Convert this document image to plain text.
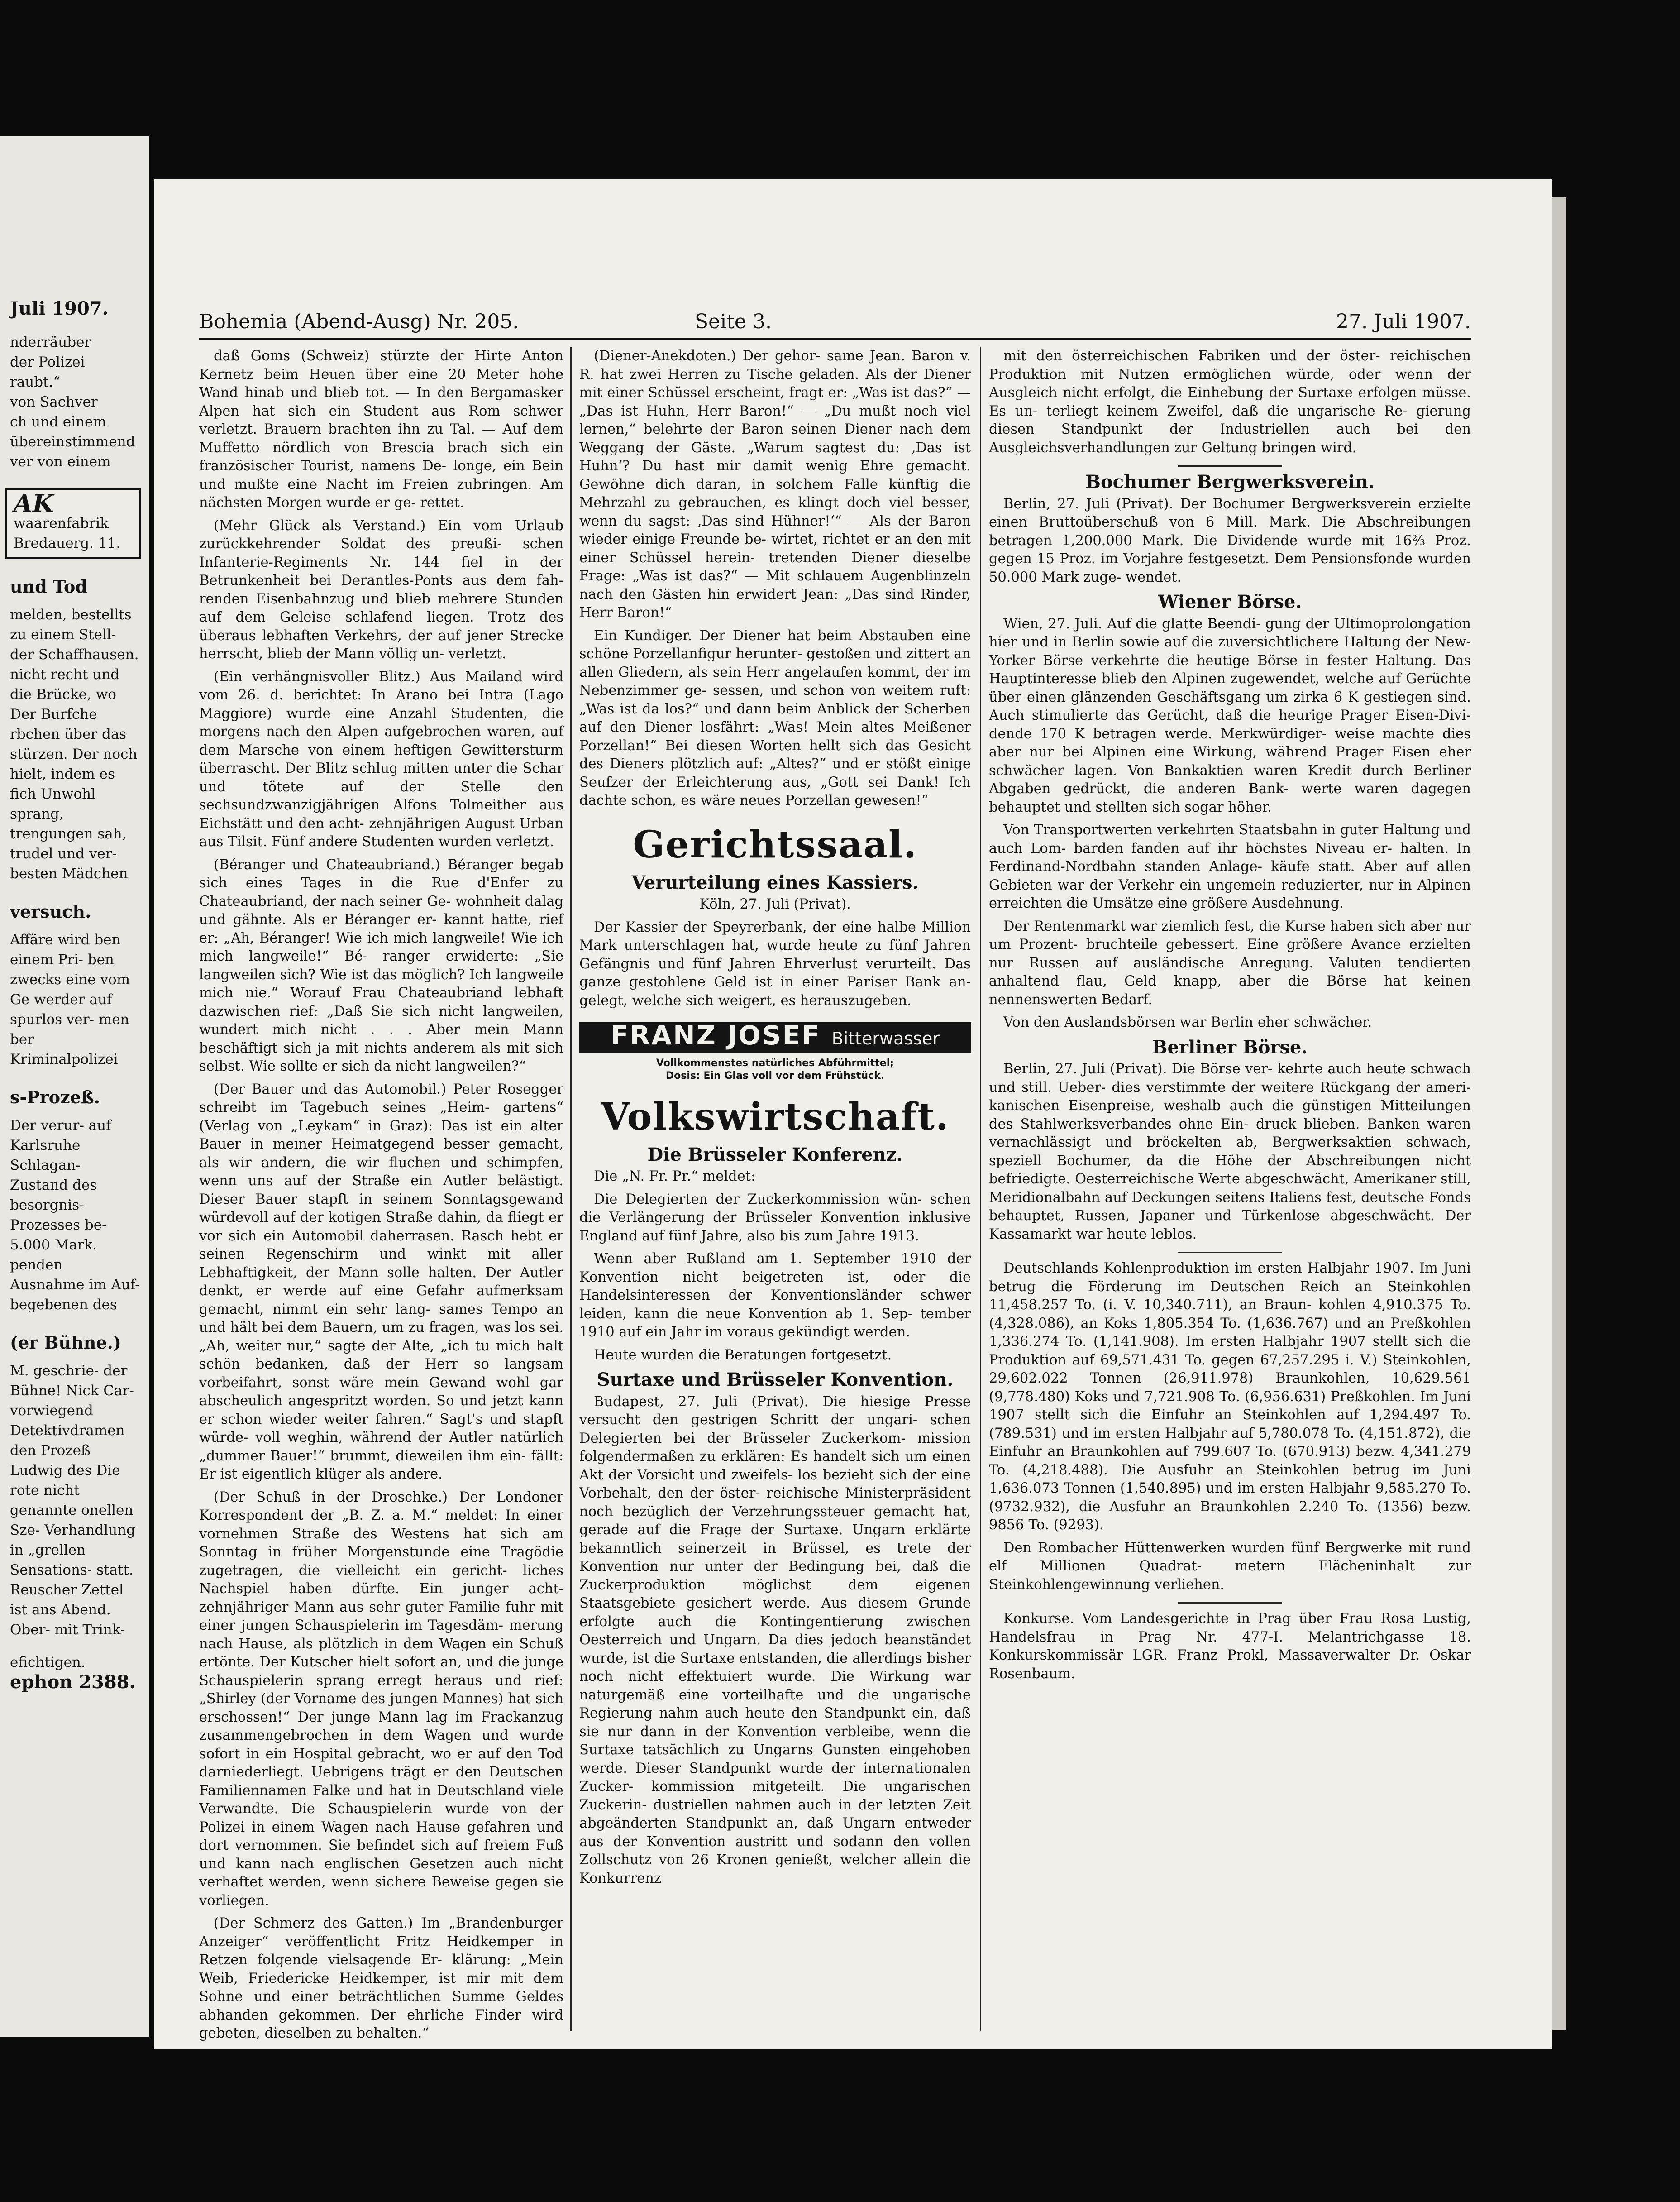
Juli 1907.
nderräuber
der Polizei
raubt.“
von Sachver
ch und einem
übereinstimmend
ver von einem
AK
waarenfabrik
Bredauerg. 11.
und Tod

melden, bestellts zu einem Stell- der Schaffhausen. nicht recht und die Brücke, wo Der Burfche rbchen über das stürzen. Der noch hielt, indem es fich Unwohl sprang, trengungen sah, trudel und ver- besten Mädchen

versuch.

Affäre wird ben einem Pri- ben zwecks eine vom Ge werder auf spurlos ver- men ber Kriminalpolizei

s-Prozeß.

Der verur- auf Karlsruhe Schlagan- Zustand des besorgnis- Prozesses be- 5.000 Mark. penden Ausnahme im Auf- begebenen des

(er Bühne.)

M. geschrie- der Bühne! Nick Car- vorwiegend Detektivdramen den Prozeß Ludwig des Die rote nicht genannte onellen Sze- Verhandlung in „grellen Sensations- statt. Reuscher Zettel ist ans Abend. Ober- mit Trink-

efichtigen.
ephon 2388.
Bohemia (Abend-Ausg) Nr. 205.	Seite 3.	27. Juli 1907.

daß Goms (Schweiz) stürzte der Hirte Anton Kernetz beim Heuen über eine 20 Meter hohe Wand hinab und blieb tot. — In den Bergamasker Alpen hat sich ein Student aus Rom schwer verletzt. Brauern brachten ihn zu Tal. — Auf dem Muffetto nördlich von Brescia brach sich ein französischer Tourist, namens De- longe, ein Bein und mußte eine Nacht im Freien zubringen. Am nächsten Morgen wurde er ge- rettet.

(Mehr Glück als Verstand.) Ein vom Urlaub zurückkehrender Soldat des preußi- schen Infanterie-Regiments Nr. 144 fiel in der Betrunkenheit bei Derantles-Ponts aus dem fah- renden Eisenbahnzug und blieb mehrere Stunden auf dem Geleise schlafend liegen. Trotz des überaus lebhaften Verkehrs, der auf jener Strecke herrscht, blieb der Mann völlig un- verletzt.

(Ein verhängnisvoller Blitz.) Aus Mailand wird vom 26. d. berichtet: In Arano bei Intra (Lago Maggiore) wurde eine Anzahl Studenten, die morgens nach den Alpen aufgebrochen waren, auf dem Marsche von einem heftigen Gewittersturm überrascht. Der Blitz schlug mitten unter die Schar und tötete auf der Stelle den sechsundzwanzigjährigen Alfons Tolmeither aus Eichstätt und den acht- zehnjährigen August Urban aus Tilsit. Fünf andere Studenten wurden verletzt.

(Béranger und Chateaubriand.) Béranger begab sich eines Tages in die Rue d'Enfer zu Chateaubriand, der nach seiner Ge- wohnheit dalag und gähnte. Als er Béranger er- kannt hatte, rief er: „Ah, Béranger! Wie ich mich langweile! Wie ich mich langweile!“ Bé- ranger erwiderte: „Sie langweilen sich? Wie ist das möglich? Ich langweile mich nie.“ Worauf Frau Chateaubriand lebhaft dazwischen rief: „Daß Sie sich nicht langweilen, wundert mich nicht . . . Aber mein Mann beschäftigt sich ja mit nichts anderem als mit sich selbst. Wie sollte er sich da nicht langweilen?“

(Der Bauer und das Automobil.) Peter Rosegger schreibt im Tagebuch seines „Heim- gartens“ (Verlag von „Leykam“ in Graz): Das ist ein alter Bauer in meiner Heimatgegend besser gemacht, als wir andern, die wir fluchen und schimpfen, wenn uns auf der Straße ein Autler belästigt. Dieser Bauer stapft in seinem Sonntagsgewand würdevoll auf der kotigen Straße dahin, da fliegt er vor sich ein Automobil daherrasen. Rasch hebt er seinen Regenschirm und winkt mit aller Lebhaftigkeit, der Mann solle halten. Der Autler denkt, er werde auf eine Gefahr aufmerksam gemacht, nimmt ein sehr lang- sames Tempo an und hält bei dem Bauern, um zu fragen, was los sei. „Ah, weiter nur,“ sagte der Alte, „ich tu mich halt schön bedanken, daß der Herr so langsam vorbeifahrt, sonst wäre mein Gewand wohl gar abscheulich angespritzt worden. So und jetzt kann er schon wieder weiter fahren.“ Sagt's und stapft würde- voll weghin, während der Autler natürlich „dummer Bauer!“ brummt, dieweilen ihm ein- fällt: Er ist eigentlich klüger als andere.

(Der Schuß in der Droschke.) Der Londoner Korrespondent der „B. Z. a. M.“ meldet: In einer vornehmen Straße des Westens hat sich am Sonntag in früher Morgenstunde eine Tragödie zugetragen, die vielleicht ein gericht- liches Nachspiel haben dürfte. Ein junger acht- zehnjähriger Mann aus sehr guter Familie fuhr mit einer jungen Schauspielerin im Tagesdäm- merung nach Hause, als plötzlich in dem Wagen ein Schuß ertönte. Der Kutscher hielt sofort an, und die junge Schauspielerin sprang erregt heraus und rief: „Shirley (der Vorname des jungen Mannes) hat sich erschossen!“ Der junge Mann lag im Frackanzug zusammengebrochen in dem Wagen und wurde sofort in ein Hospital gebracht, wo er auf den Tod darniederliegt. Uebrigens trägt er den Deutschen Familiennamen Falke und hat in Deutschland viele Verwandte. Die Schauspielerin wurde von der Polizei in einem Wagen nach Hause gefahren und dort vernommen. Sie befindet sich auf freiem Fuß und kann nach englischen Gesetzen auch nicht verhaftet werden, wenn sichere Beweise gegen sie vorliegen.

(Der Schmerz des Gatten.) Im „Brandenburger Anzeiger“ veröffentlicht Fritz Heidkemper in Retzen folgende vielsagende Er- klärung: „Mein Weib, Friedericke Heidkemper, ist mir mit dem Sohne und einer beträchtlichen Summe Geldes abhanden gekommen. Der ehrliche Finder wird gebeten, dieselben zu behalten.“

(Diener-Anekdoten.) Der gehor- same Jean. Baron v. R. hat zwei Herren zu Tische geladen. Als der Diener mit einer Schüssel erscheint, fragt er: „Was ist das?“ — „Das ist Huhn, Herr Baron!“ — „Du mußt noch viel lernen,“ belehrte der Baron seinen Diener nach dem Weggang der Gäste. „Warum sagtest du: ‚Das ist Huhn‘? Du hast mir damit wenig Ehre gemacht. Gewöhne dich daran, in solchem Falle künftig die Mehrzahl zu gebrauchen, es klingt doch viel besser, wenn du sagst: ‚Das sind Hühner!‘“ — Als der Baron wieder einige Freunde be- wirtet, richtet er an den mit einer Schüssel herein- tretenden Diener dieselbe Frage: „Was ist das?“ — Mit schlauem Augenblinzeln nach den Gästen hin erwidert Jean: „Das sind Rinder, Herr Baron!“

Ein Kundiger. Der Diener hat beim Abstauben eine schöne Porzellanfigur herunter- gestoßen und zittert an allen Gliedern, als sein Herr angelaufen kommt, der im Nebenzimmer ge- sessen, und schon von weitem ruft: „Was ist da los?“ und dann beim Anblick der Scherben auf den Diener losfährt: „Was! Mein altes Meißener Porzellan!“ Bei diesen Worten hellt sich das Gesicht des Dieners plötzlich auf: „Altes?“ und er stößt einige Seufzer der Erleichterung aus, „Gott sei Dank! Ich dachte schon, es wäre neues Porzellan gewesen!“

Gerichtssaal.
Verurteilung eines Kassiers.
Köln, 27. Juli (Privat).

Der Kassier der Speyrerbank, der eine halbe Million Mark unterschlagen hat, wurde heute zu fünf Jahren Gefängnis und fünf Jahren Ehrverlust verurteilt. Das ganze gestohlene Geld ist in einer Pariser Bank an- gelegt, welche sich weigert, es herauszugeben.

FRANZ JOSEF Bitterwasser
Vollkommenstes natürliches Abführmittel;
Dosis: Ein Glas voll vor dem Frühstück.
Volkswirtschaft.
Die Brüsseler Konferenz.

Die „N. Fr. Pr.“ meldet:

Die Delegierten der Zuckerkommission wün- schen die Verlängerung der Brüsseler Konvention inklusive England auf fünf Jahre, also bis zum Jahre 1913.

Wenn aber Rußland am 1. September 1910 der Konvention nicht beigetreten ist, oder die Handelsinteressen der Konventionsländer schwer leiden, kann die neue Konvention ab 1. Sep- tember 1910 auf ein Jahr im voraus gekündigt werden.

Heute wurden die Beratungen fortgesetzt.

Surtaxe und Brüsseler Konvention.

Budapest, 27. Juli (Privat). Die hiesige Presse versucht den gestrigen Schritt der ungari- schen Delegierten bei der Brüsseler Zuckerkom- mission folgendermaßen zu erklären: Es handelt sich um einen Akt der Vorsicht und zweifels- los bezieht sich der eine Vorbehalt, den der öster- reichische Ministerpräsident noch bezüglich der Verzehrungssteuer gemacht hat, gerade auf die Frage der Surtaxe. Ungarn erklärte bekanntlich seinerzeit in Brüssel, es trete der Konvention nur unter der Bedingung bei, daß die Zuckerproduktion möglichst dem eigenen Staatsgebiete gesichert werde. Aus diesem Grunde erfolgte auch die Kontingentierung zwischen Oesterreich und Ungarn. Da dies jedoch beanständet wurde, ist die Surtaxe entstanden, die allerdings bisher noch nicht effektuiert wurde. Die Wirkung war naturgemäß eine vorteilhafte und die ungarische Regierung nahm auch heute den Standpunkt ein, daß sie nur dann in der Konvention verbleibe, wenn die Surtaxe tatsächlich zu Ungarns Gunsten eingehoben werde. Dieser Standpunkt wurde der internationalen Zucker- kommission mitgeteilt. Die ungarischen Zuckerin- dustriellen nahmen auch in der letzten Zeit abgeänderten Standpunkt an, daß Ungarn entweder aus der Konvention austritt und sodann den vollen Zollschutz von 26 Kronen genießt, welcher allein die Konkurrenz

mit den österreichischen Fabriken und der öster- reichischen Produktion mit Nutzen ermöglichen würde, oder wenn der Ausgleich nicht erfolgt, die Einhebung der Surtaxe erfolgen müsse. Es un- terliegt keinem Zweifel, daß die ungarische Re- gierung diesen Standpunkt der Industriellen auch bei den Ausgleichsverhandlungen zur Geltung bringen wird.

Bochumer Bergwerksverein.

Berlin, 27. Juli (Privat). Der Bochumer Bergwerksverein erzielte einen Bruttoüberschuß von 6 Mill. Mark. Die Abschreibungen betragen 1,200.000 Mark. Die Dividende wurde mit 16⅔ Proz. gegen 15 Proz. im Vorjahre festgesetzt. Dem Pensionsfonde wurden 50.000 Mark zuge- wendet.

Wiener Börse.

Wien, 27. Juli. Auf die glatte Beendi- gung der Ultimoprolongation hier und in Berlin sowie auf die zuversichtlichere Haltung der New- Yorker Börse verkehrte die heutige Börse in fester Haltung. Das Hauptinteresse blieb den Alpinen zugewendet, welche auf Gerüchte über einen glänzenden Geschäftsgang um zirka 6 K gestiegen sind. Auch stimulierte das Gerücht, daß die heurige Prager Eisen-Divi- dende 170 K betragen werde. Merkwürdiger- weise machte dies aber nur bei Alpinen eine Wirkung, während Prager Eisen eher schwächer lagen. Von Bankaktien waren Kredit durch Berliner Abgaben gedrückt, die anderen Bank- werte waren dagegen behauptet und stellten sich sogar höher.

Von Transportwerten verkehrten Staatsbahn in guter Haltung und auch Lom- barden fanden auf ihr höchstes Niveau er- halten. In Ferdinand-Nordbahn standen Anlage- käufe statt. Aber auf allen Gebieten war der Verkehr ein ungemein reduzierter, nur in Alpinen erreichten die Umsätze eine größere Ausdehnung.

Der Rentenmarkt war ziemlich fest, die Kurse haben sich aber nur um Prozent- bruchteile gebessert. Eine größere Avance erzielten nur Russen auf ausländische Anregung. Valuten tendierten anhaltend flau, Geld knapp, aber die Börse hat keinen nennenswerten Bedarf.

Von den Auslandsbörsen war Berlin eher schwächer.

Berliner Börse.

Berlin, 27. Juli (Privat). Die Börse ver- kehrte auch heute schwach und still. Ueber- dies verstimmte der weitere Rückgang der ameri- kanischen Eisenpreise, weshalb auch die günstigen Mitteilungen des Stahlwerksverbandes ohne Ein- druck blieben. Banken waren vernachlässigt und bröckelten ab, Bergwerksaktien schwach, speziell Bochumer, da die Höhe der Abschreibungen nicht befriedigte. Oesterreichische Werte abgeschwächt, Amerikaner still, Meridionalbahn auf Deckungen seitens Italiens fest, deutsche Fonds behauptet, Russen, Japaner und Türkenlose abgeschwächt. Der Kassamarkt war heute leblos.

Deutschlands Kohlenproduktion im ersten Halbjahr 1907. Im Juni betrug die Förderung im Deutschen Reich an Steinkohlen 11,458.257 To. (i. V. 10,340.711), an Braun- kohlen 4,910.375 To. (4,328.086), an Koks 1,805.354 To. (1,636.767) und an Preßkohlen 1,336.274 To. (1,141.908). Im ersten Halbjahr 1907 stellt sich die Produktion auf 69,571.431 To. gegen 67,257.295 i. V.) Steinkohlen, 29,602.022 Tonnen (26,911.978) Braunkohlen, 10,629.561 (9,778.480) Koks und 7,721.908 To. (6,956.631) Preßkohlen. Im Juni 1907 stellt sich die Einfuhr an Steinkohlen auf 1,294.497 To. (789.531) und im ersten Halbjahr auf 5,780.078 To. (4,151.872), die Einfuhr an Braunkohlen auf 799.607 To. (670.913) bezw. 4,341.279 To. (4,218.488). Die Ausfuhr an Steinkohlen betrug im Juni 1,636.073 Tonnen (1,540.895) und im ersten Halbjahr 9,585.270 To. (9732.932), die Ausfuhr an Braunkohlen 2.240 To. (1356) bezw. 9856 To. (9293).

Den Rombacher Hüttenwerken wurden fünf Bergwerke mit rund elf Millionen Quadrat- metern Flächeninhalt zur Steinkohlengewinnung verliehen.

Konkurse. Vom Landesgerichte in Prag über Frau Rosa Lustig, Handelsfrau in Prag Nr. 477-I. Melantrichgasse 18. Konkurskommissär LGR. Franz Prokl, Massaverwalter Dr. Oskar Rosenbaum.
